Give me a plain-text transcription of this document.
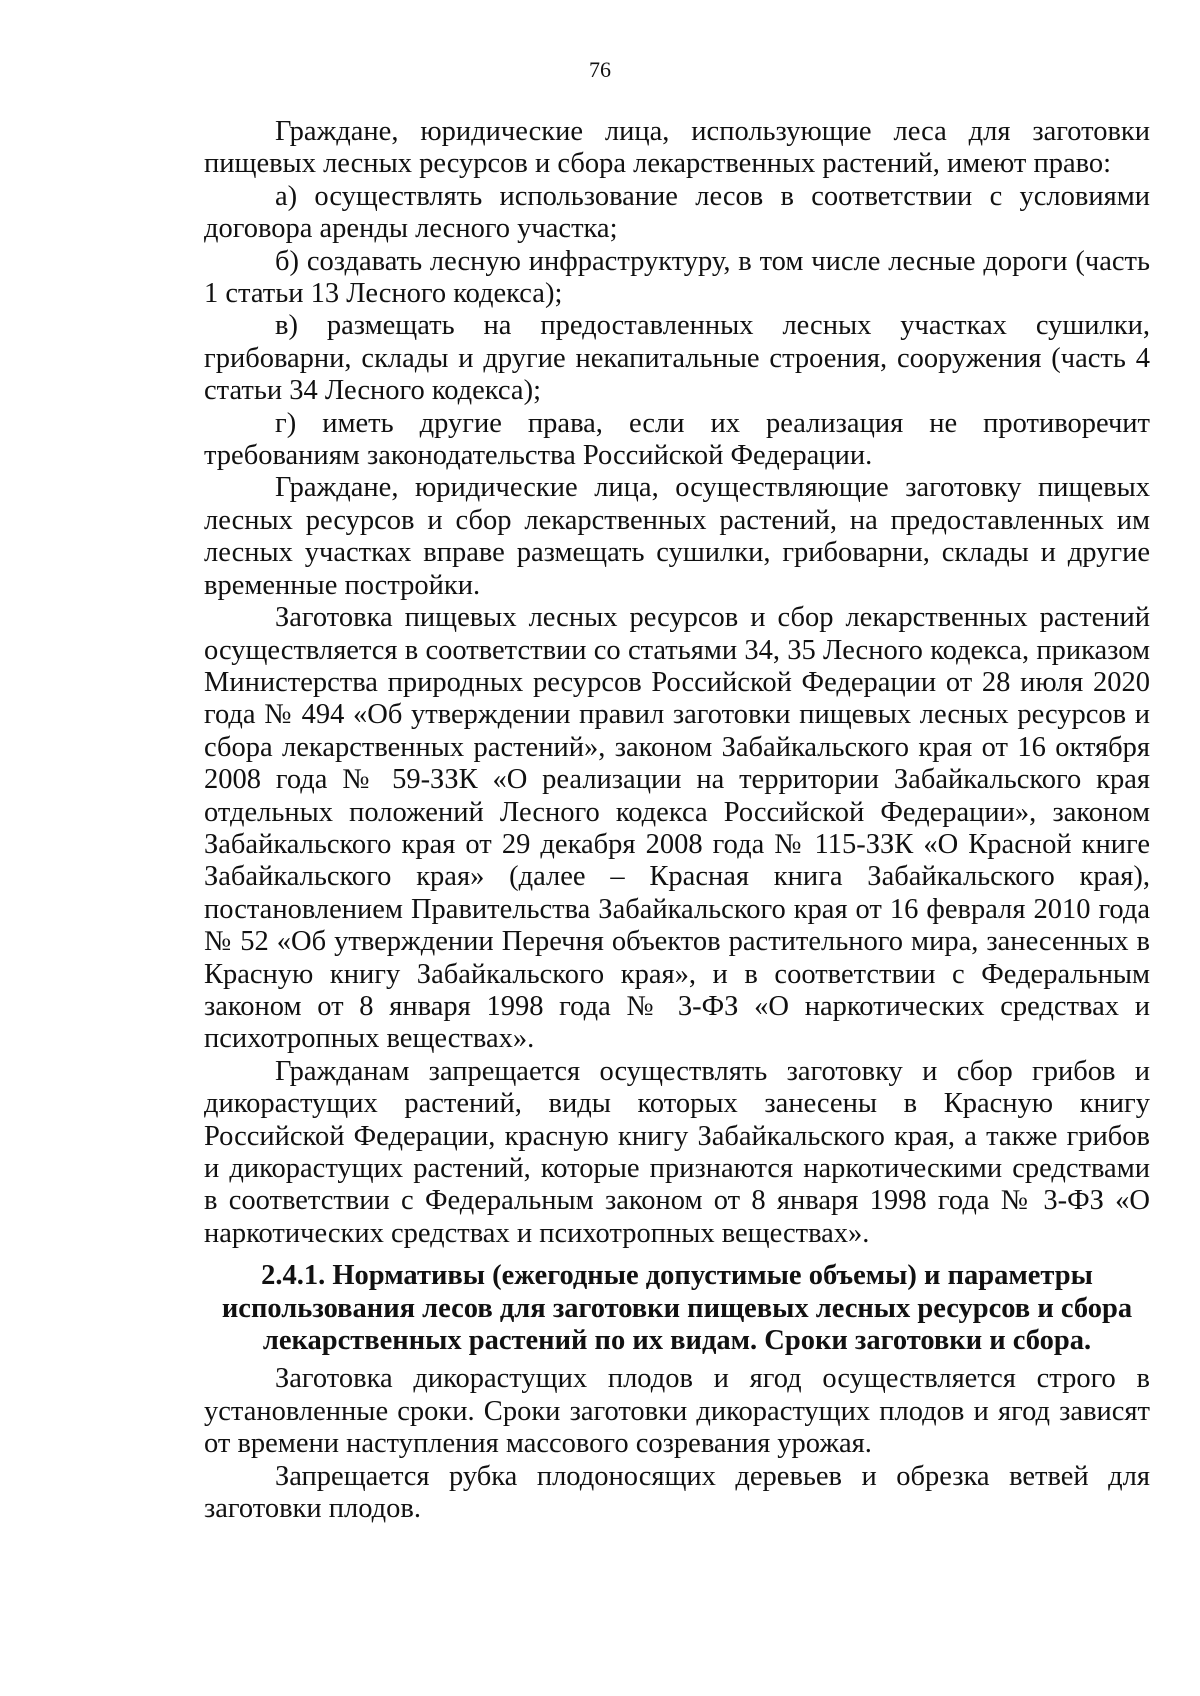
76

Граждане, юридические лица, использующие леса для заготовки пищевых лесных ресурсов и сбора лекарственных растений, имеют право:

а) осуществлять использование лесов в соответствии с условиями договора аренды лесного участка;

б) создавать лесную инфраструктуру, в том числе лесные дороги (часть 1 статьи 13 Лесного кодекса);

в) размещать на предоставленных лесных участках сушилки, грибоварни, склады и другие некапитальные строения, сооружения (часть 4 статьи 34 Лесного кодекса);

г) иметь другие права, если их реализация не противоречит требованиям законодательства Российской Федерации.

Граждане, юридические лица, осуществляющие заготовку пищевых лесных ресурсов и сбор лекарственных растений, на предоставленных им лесных участках вправе размещать сушилки, грибоварни, склады и другие временные постройки.

Заготовка пищевых лесных ресурсов и сбор лекарственных растений осуществляется в соответствии со статьями 34, 35 Лесного кодекса, приказом Министерства природных ресурсов Российской Федерации от 28 июля 2020 года № 494 «Об утверждении правил заготовки пищевых лесных ресурсов и сбора лекарственных растений», законом Забайкальского края от 16 октября 2008 года № 59-ЗЗК «О реализации на территории Забайкальского края отдельных положений Лесного кодекса Российской Федерации», законом Забайкальского края от 29 декабря 2008 года № 115-ЗЗК «О Красной книге Забайкальского края» (далее – Красная книга Забайкальского края), постановлением Правительства Забайкальского края от 16 февраля 2010 года № 52 «Об утверждении Перечня объектов растительного мира, занесенных в Красную книгу Забайкальского края», и в соответствии с Федеральным законом от 8 января 1998 года № 3-ФЗ «О наркотических средствах и психотропных веществах».

Гражданам запрещается осуществлять заготовку и сбор грибов и дикорастущих растений, виды которых занесены в Красную книгу Российской Федерации, красную книгу Забайкальского края, а также грибов и дикорастущих растений, которые признаются наркотическими средствами в соответствии с Федеральным законом от 8 января 1998 года № 3-ФЗ «О наркотических средствах и психотропных веществах».

2.4.1. Нормативы (ежегодные допустимые объемы) и параметры использования лесов для заготовки пищевых лесных ресурсов и сбора лекарственных растений по их видам. Сроки заготовки и сбора.

Заготовка дикорастущих плодов и ягод осуществляется строго в установленные сроки. Сроки заготовки дикорастущих плодов и ягод зависят от времени наступления массового созревания урожая.

Запрещается рубка плодоносящих деревьев и обрезка ветвей для заготовки плодов.
